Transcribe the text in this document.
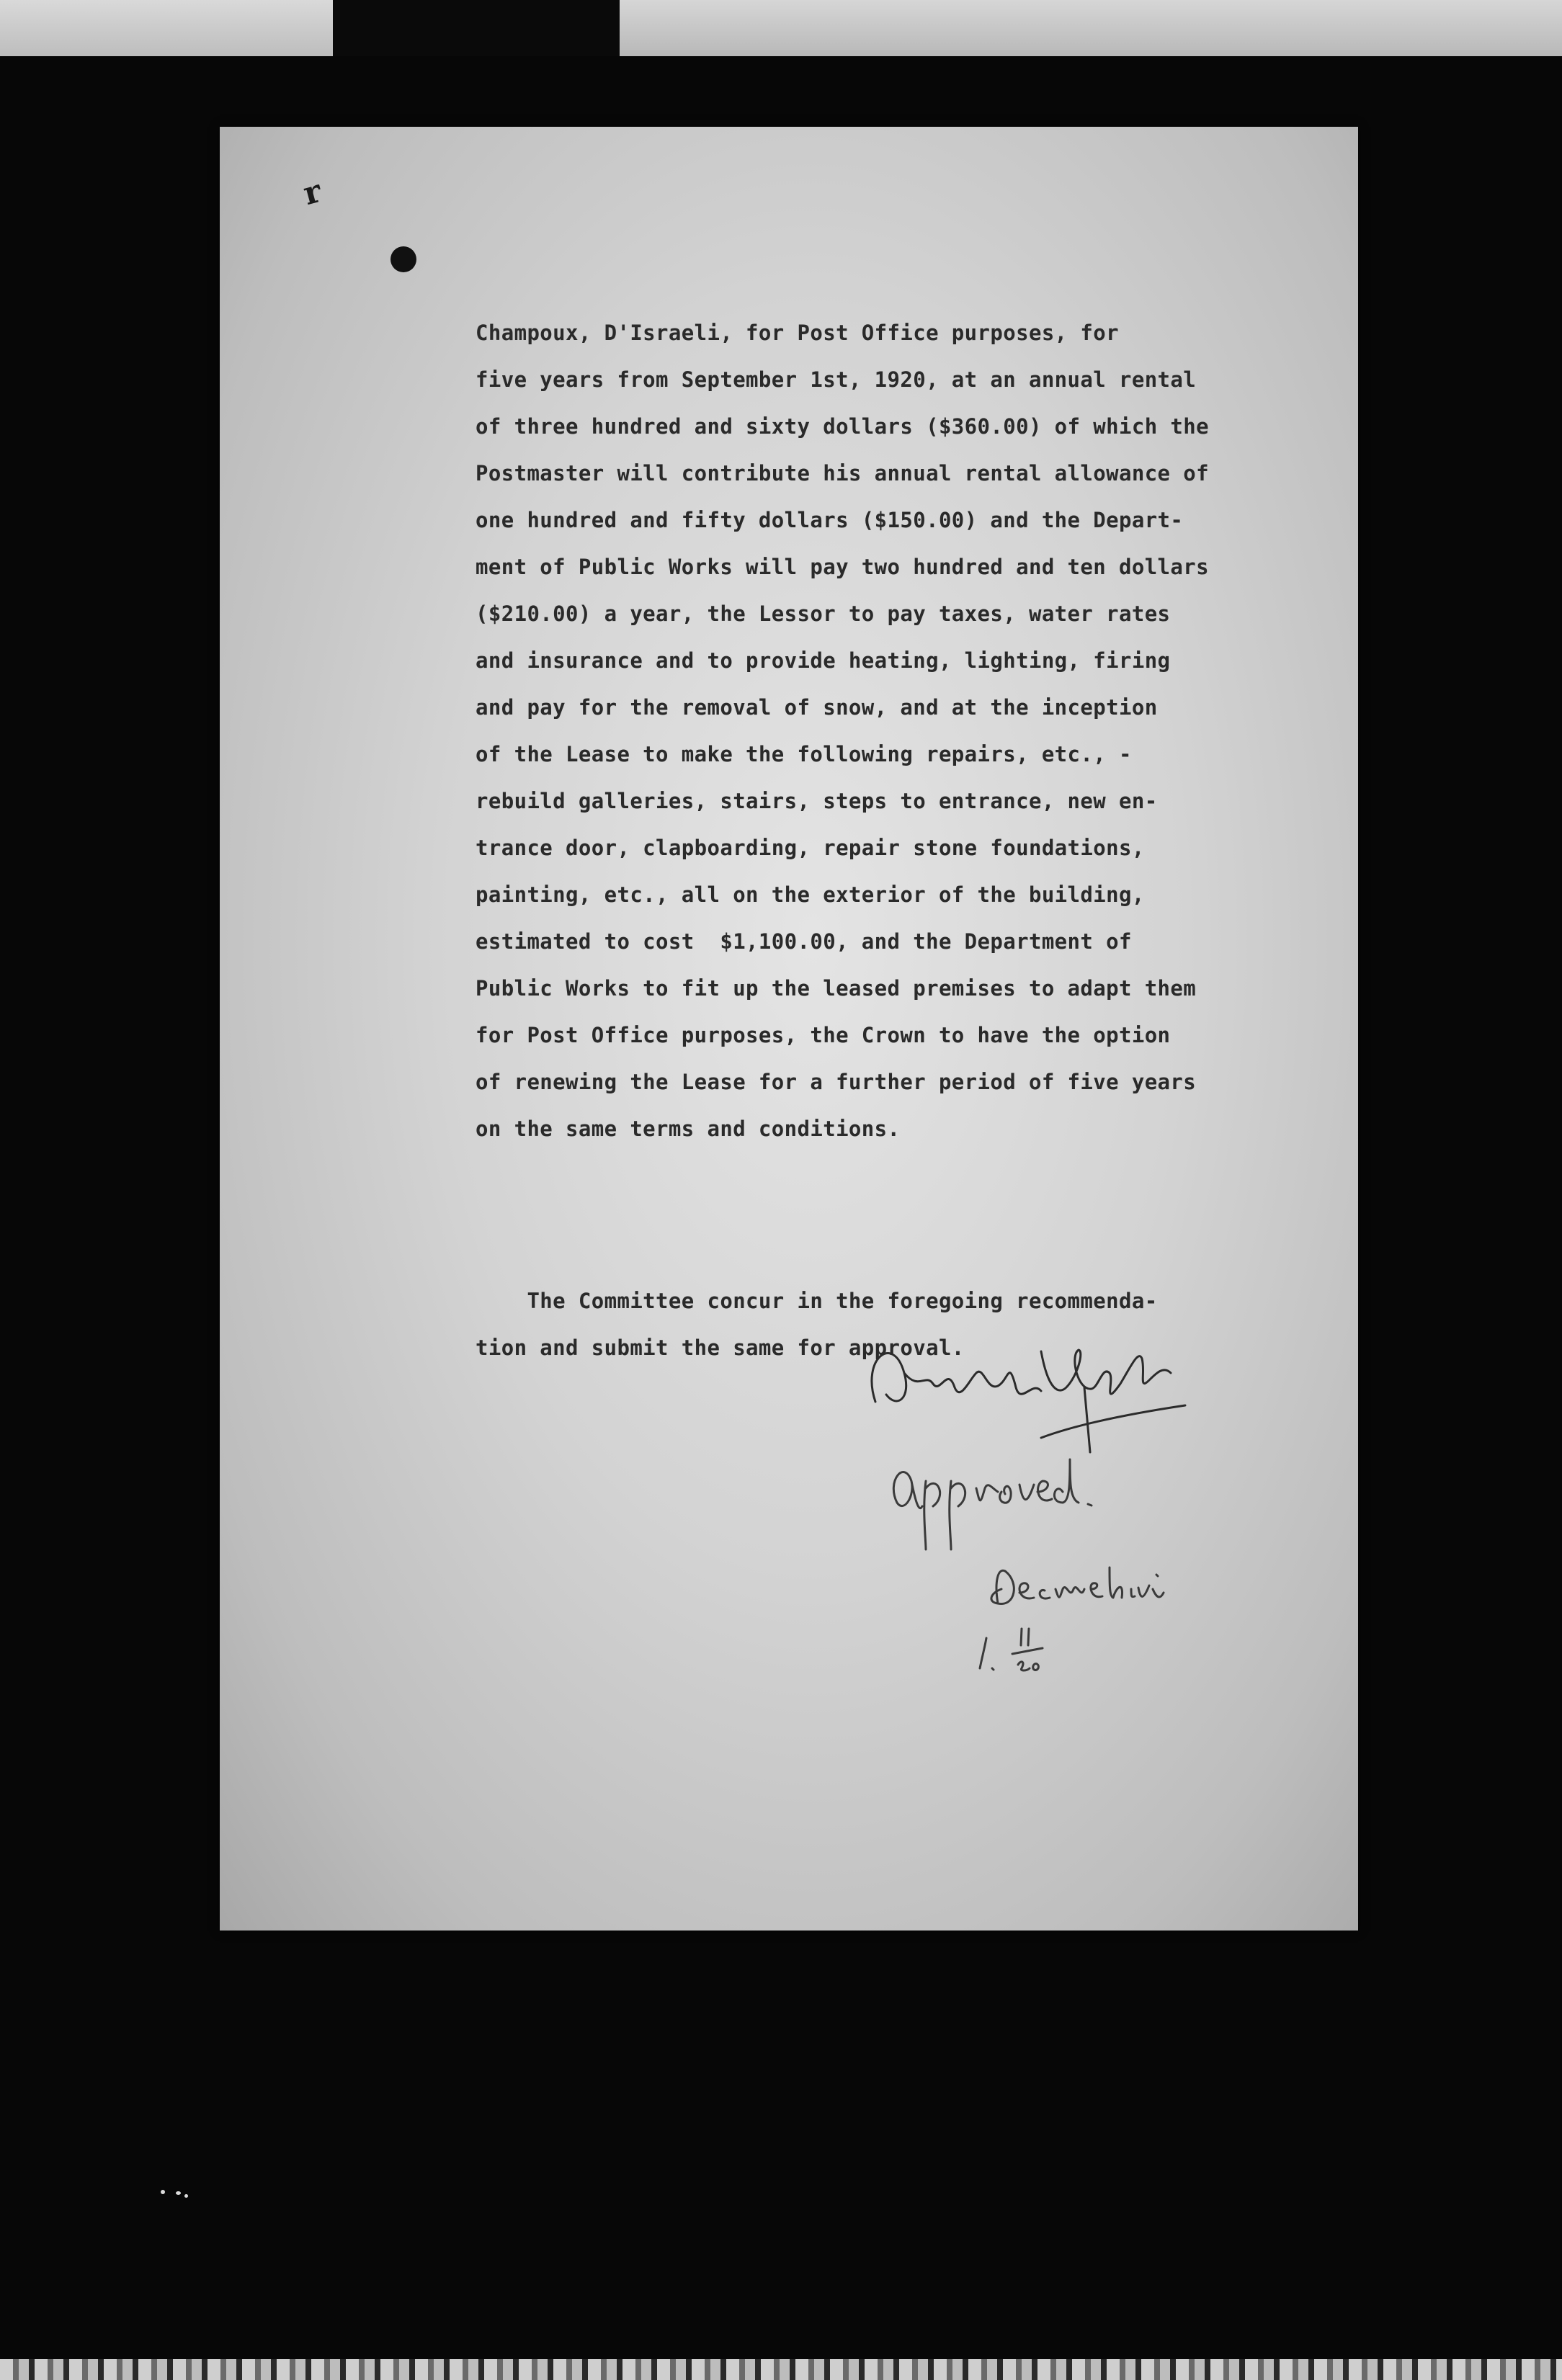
r
Champoux, D'Israeli, for Post Office purposes, for
five years from September 1st, 1920, at an annual rental
of three hundred and sixty dollars ($360.00) of which the
Postmaster will contribute his annual rental allowance of
one hundred and fifty dollars ($150.00) and the Depart-
ment of Public Works will pay two hundred and ten dollars
($210.00) a year, the Lessor to pay taxes, water rates
and insurance and to provide heating, lighting, firing
and pay for the removal of snow, and at the inception
of the Lease to make the following repairs, etc., -
rebuild galleries, stairs, steps to entrance, new en-
trance door, clapboarding, repair stone foundations,
painting, etc., all on the exterior of the building,
estimated to cost  $1,100.00, and the Department of
Public Works to fit up the leased premises to adapt them
for Post Office purposes, the Crown to have the option
of renewing the Lease for a further period of five years
on the same terms and conditions.
The Committee concur in the foregoing recommenda-
tion and submit the same for approval.
